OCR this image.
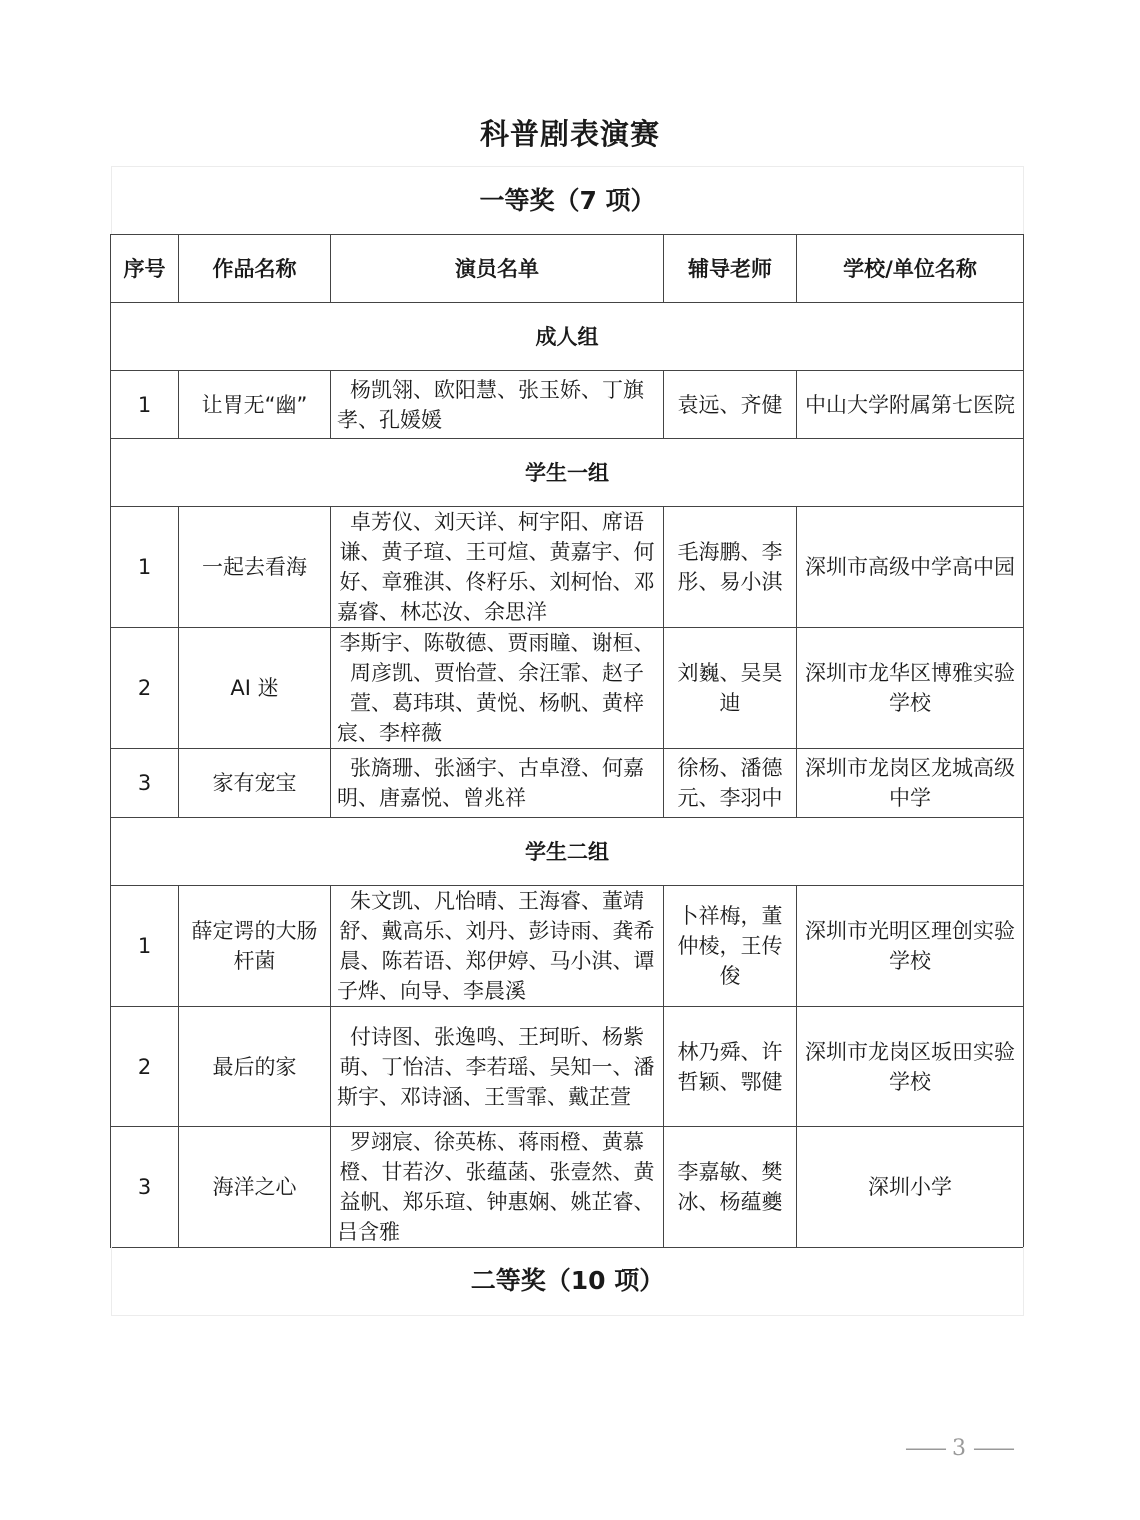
科普剧表演赛
一等奖（7 项）
序号	作品名称	演员名单	辅导老师	学校/单位名称
成人组				
1	让胃无“幽”	杨凯翎、欧阳慧、张玉娇、丁旗孝、孔媛媛	袁远、齐健	中山大学附属第七医院
学生一组				
1	一起去看海	卓芳仪、刘天详、柯宇阳、席语谦、黄子瑄、王可煊、黄嘉宇、何好、章雅淇、佟籽乐、刘柯怡、邓嘉睿、林芯汝、余思洋	毛海鹏、李彤、易小淇	深圳市高级中学高中园
2	AI 迷	李斯宇、陈敬德、贾雨瞳、谢桓、周彦凯、贾怡萱、余汪霏、赵子萱、葛玮琪、黄悦、杨帆、黄梓宸、李梓薇	刘巍、吴昊迪	深圳市龙华区博雅实验学校
3	家有宠宝	张旖珊、张涵宇、古卓澄、何嘉明、唐嘉悦、曾兆祥	徐杨、潘德元、李羽中	深圳市龙岗区龙城高级中学
学生二组				
1	薛定谔的大肠杆菌	朱文凯、凡怡晴、王海睿、董靖舒、戴高乐、刘丹、彭诗雨、龚希晨、陈若语、郑伊婷、马小淇、谭子烨、向导、李晨溪	卜祥梅，董仲棱，王传俊	深圳市光明区理创实验学校
2	最后的家	付诗图、张逸鸣、王珂昕、杨紫萌、丁怡洁、李若瑶、吴知一、潘斯宇、邓诗涵、王雪霏、戴芷萱	林乃舜、许哲颖、鄂健	深圳市龙岗区坂田实验学校
3	海洋之心	罗翊宸、徐英栋、蒋雨橙、黄慕橙、甘若汐、张蕴菡、张壹然、黄益帆、郑乐瑄、钟惠娴、姚芷睿、吕含雅	李嘉敏、樊冰、杨蕴夔	深圳小学
二等奖（10 项）
—— 3 ——
